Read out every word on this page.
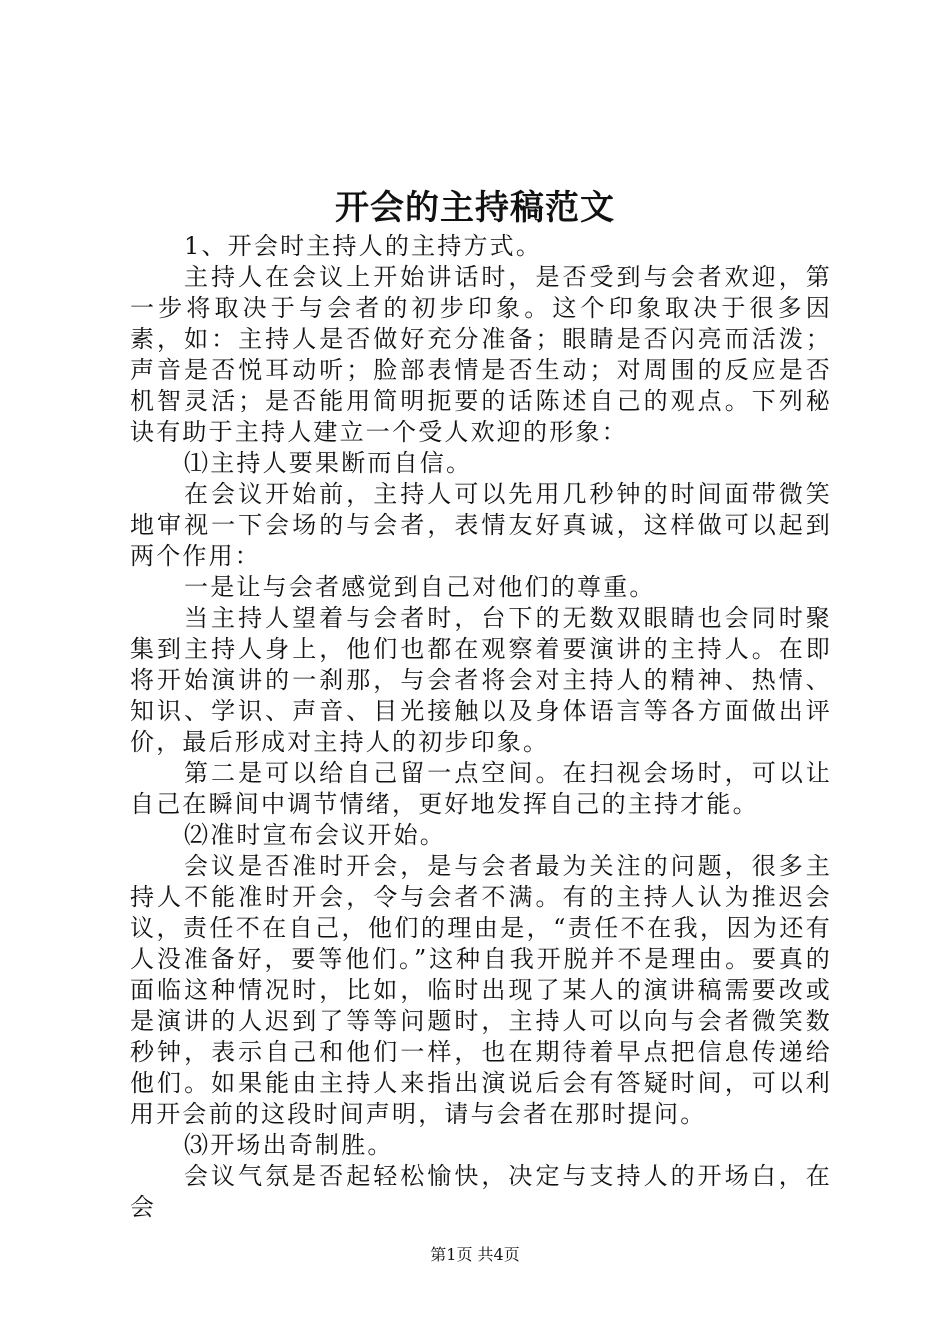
开会的主持稿范文

1、开会时主持人的主持方式。

主持人在会议上开始讲话时，是否受到与会者欢迎，第一步将取决于与会者的初步印象。这个印象取决于很多因素，如：主持人是否做好充分准备；眼睛是否闪亮而活泼；声音是否悦耳动听；脸部表情是否生动；对周围的反应是否机智灵活；是否能用简明扼要的话陈述自己的观点。下列秘诀有助于主持人建立一个受人欢迎的形象：

⑴主持人要果断而自信。

在会议开始前，主持人可以先用几秒钟的时间面带微笑地审视一下会场的与会者，表情友好真诚，这样做可以起到两个作用：

一是让与会者感觉到自己对他们的尊重。

当主持人望着与会者时，台下的无数双眼睛也会同时聚集到主持人身上，他们也都在观察着要演讲的主持人。在即将开始演讲的一刹那，与会者将会对主持人的精神、热情、知识、学识、声音、目光接触以及身体语言等各方面做出评价，最后形成对主持人的初步印象。

第二是可以给自己留一点空间。在扫视会场时，可以让自己在瞬间中调节情绪，更好地发挥自己的主持才能。

⑵准时宣布会议开始。

会议是否准时开会，是与会者最为关注的问题，很多主持人不能准时开会，令与会者不满。有的主持人认为推迟会议，责任不在自己，他们的理由是，“责任不在我，因为还有人没准备好，要等他们。”这种自我开脱并不是理由。要真的面临这种情况时，比如，临时出现了某人的演讲稿需要改或是演讲的人迟到了等等问题时，主持人可以向与会者微笑数秒钟，表示自己和他们一样，也在期待着早点把信息传递给他们。如果能由主持人来指出演说后会有答疑时间，可以利用开会前的这段时间声明，请与会者在那时提问。

⑶开场出奇制胜。

会议气氛是否起轻松愉快，决定与支持人的开场白，在会

第1页 共4页
